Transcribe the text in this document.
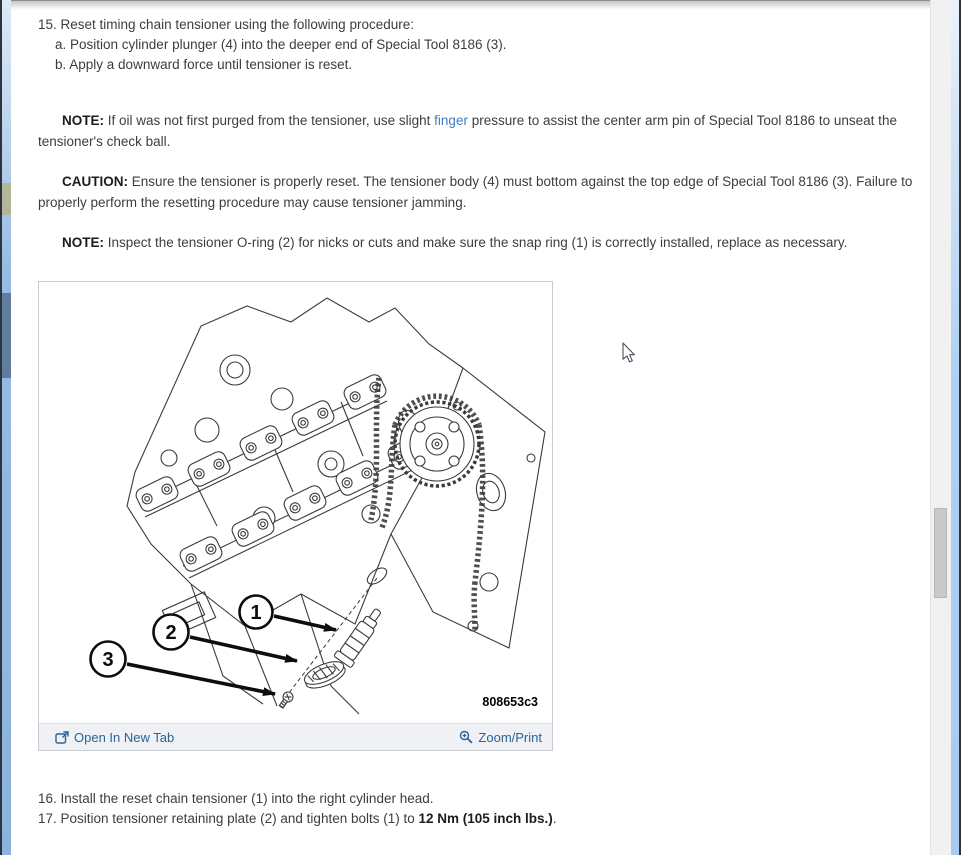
15. Reset timing chain tensioner using the following procedure:
a. Position cylinder plunger (4) into the deeper end of Special Tool 8186 (3).
b. Apply a downward force until tensioner is reset.

NOTE: If oil was not first purged from the tensioner, use slight finger pressure to assist the center arm pin of Special Tool 8186 to unseat the tensioner's check ball.

CAUTION: Ensure the tensioner is properly reset. The tensioner body (4) must bottom against the top edge of Special Tool 8186 (3). Failure to properly perform the resetting procedure may cause tensioner jamming.

NOTE: Inspect the tensioner O-ring (2) for nicks or cuts and make sure the snap ring (1) is correctly installed, replace as necessary.

1
2
3
808653c3
Open In New Tab	Zoom/Print
16. Install the reset chain tensioner (1) into the right cylinder head.
17. Position tensioner retaining plate (2) and tighten bolts (1) to 12 Nm (105 inch lbs.).
